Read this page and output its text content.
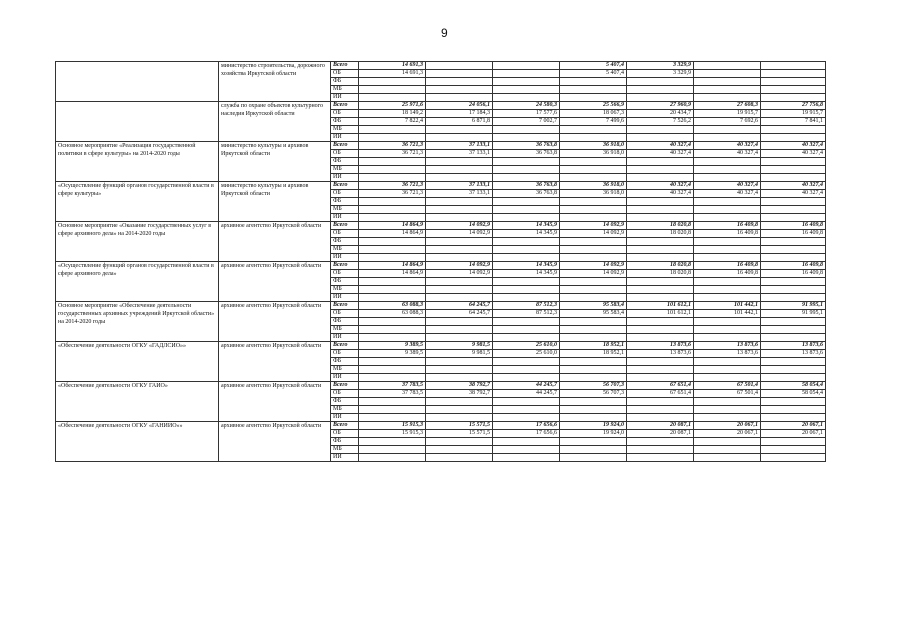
9
	министерство строительства, дорожного хозяйства Иркутской области	Всего	14 691,3			5 407,4	3 329,9		
		ОБ	14 691,3			5 407,4	3 329,9		
		ФБ							
		МБ							
		ИИ							
	служба по охране объектов культурного наследия Иркутской области	Всего	25 971,6	24 056,1	24 580,3	25 566,9	27 960,9	27 608,3	27 756,8
		ОБ	18 149,2	17 184,3	17 577,6	18 067,3	20 434,7	19 915,7	19 915,7
		ФБ	7 822,4	6 871,8	7 002,7	7 499,6	7 526,2	7 692,6	7 841,1
		МБ							
		ИИ							
Основное мероприятие «Реализация государственной политики в сфере культуры» на 2014-2020 годы	министерство культуры и архивов Иркутской области	Всего	36 721,3	37 133,1	36 763,8	36 918,0	40 327,4	40 327,4	40 327,4
		ОБ	36 721,3	37 133,1	36 763,8	36 918,0	40 327,4	40 327,4	40 327,4
		ФБ							
		МБ							
		ИИ							
«Осуществление функций органов государственной власти в сфере культуры»	министерство культуры и архивов Иркутской области	Всего	36 721,3	37 133,1	36 763,8	36 918,0	40 327,4	40 327,4	40 327,4
		ОБ	36 721,3	37 133,1	36 763,8	36 918,0	40 327,4	40 327,4	40 327,4
		ФБ							
		МБ							
		ИИ							
Основное мероприятие «Оказание государственных услуг в сфере архивного дела» на 2014-2020 годы	архивное агентство Иркутской области	Всего	14 864,9	14 092,9	14 345,9	14 092,9	18 020,8	16 409,8	16 409,8
		ОБ	14 864,9	14 092,9	14 345,9	14 092,9	18 020,8	16 409,8	16 409,8
		ФБ							
		МБ							
		ИИ							
«Осуществление функций органов государственной власти в сфере архивного дела»	архивное агентство Иркутской области	Всего	14 864,9	14 092,9	14 345,9	14 092,9	18 020,8	16 409,8	16 409,8
		ОБ	14 864,9	14 092,9	14 345,9	14 092,9	18 020,8	16 409,8	16 409,8
		ФБ							
		МБ							
		ИИ							
Основное мероприятие «Обеспечение деятельности государственных архивных учреждений Иркутской области» на 2014-2020 годы	архивное агентство Иркутской области	Всего	63 088,3	64 245,7	87 512,3	95 583,4	101 612,1	101 442,1	91 995,1
		ОБ	63 088,3	64 245,7	87 512,3	95 583,4	101 612,1	101 442,1	91 995,1
		ФБ							
		МБ							
		ИИ							
«Обеспечение деятельности ОГКУ «ГАДЛСИО»»	архивное агентство Иркутской области	Всего	9 389,5	9 981,5	25 610,0	18 952,1	13 873,6	13 873,6	13 873,6
		ОБ	9 389,5	9 981,5	25 610,0	18 952,1	13 873,6	13 873,6	13 873,6
		ФБ							
		МБ							
		ИИ							
«Обеспечение деятельности ОГКУ ГАИО»	архивное агентство Иркутской области	Всего	37 783,5	38 792,7	44 245,7	56 707,3	67 651,4	67 501,4	58 054,4
		ОБ	37 783,5	38 792,7	44 245,7	56 707,3	67 651,4	67 501,4	58 054,4
		ФБ							
		МБ							
		ИИ							
«Обеспечение деятельности ОГКУ «ГАНИИО»»	архивное агентство Иркутской области	Всего	15 915,3	15 571,5	17 656,6	19 924,0	20 087,1	20 067,1	20 067,1
		ОБ	15 915,3	15 571,5	17 656,6	19 924,0	20 087,1	20 067,1	20 067,1
		ФБ							
		МБ							
		ИИ							
